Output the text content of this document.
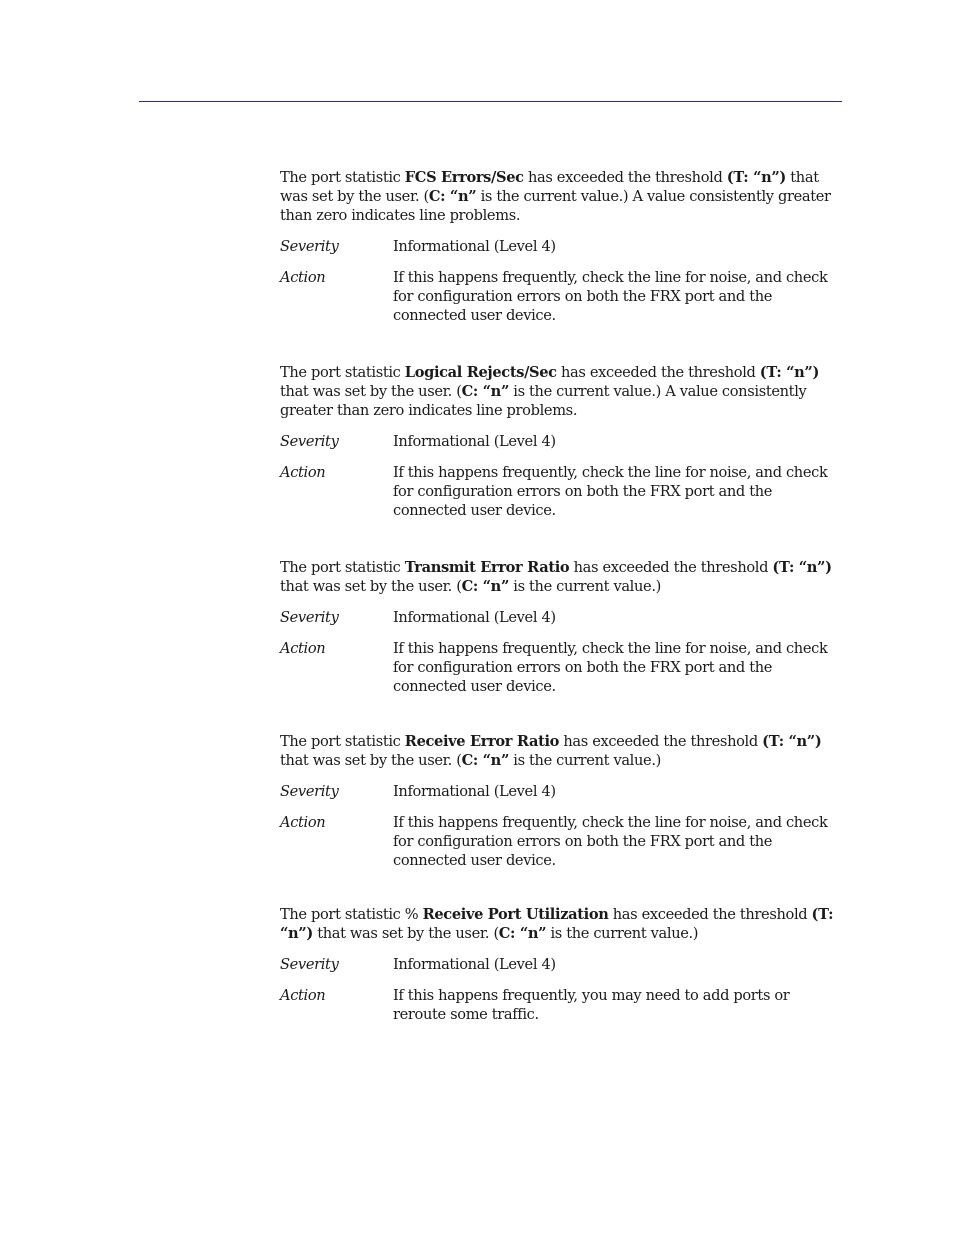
The port statistic FCS Errors/Sec has exceeded the threshold (T: “n”) that was set by the user. (C: “n” is the current value.) A value consistently greater than zero indicates line problems.

Severity	Informational (Level 4)
Action	If this happens frequently, check the line for noise, and check for configuration errors on both the FRX port and the connected user device.

The port statistic Logical Rejects/Sec has exceeded the threshold (T: “n”) that was set by the user. (C: “n” is the current value.) A value consistently greater than zero indicates line problems.

Severity	Informational (Level 4)
Action	If this happens frequently, check the line for noise, and check for configuration errors on both the FRX port and the connected user device.

The port statistic Transmit Error Ratio has exceeded the threshold (T: “n”) that was set by the user. (C: “n” is the current value.)

Severity	Informational (Level 4)
Action	If this happens frequently, check the line for noise, and check for configuration errors on both the FRX port and the connected user device.

The port statistic Receive Error Ratio has exceeded the threshold (T: “n”) that was set by the user. (C: “n” is the current value.)

Severity	Informational (Level 4)
Action	If this happens frequently, check the line for noise, and check for configuration errors on both the FRX port and the connected user device.

The port statistic % Receive Port Utilization has exceeded the threshold (T: “n”) that was set by the user. (C: “n” is the current value.)

Severity	Informational (Level 4)
Action	If this happens frequently, you may need to add ports or reroute some traffic.
